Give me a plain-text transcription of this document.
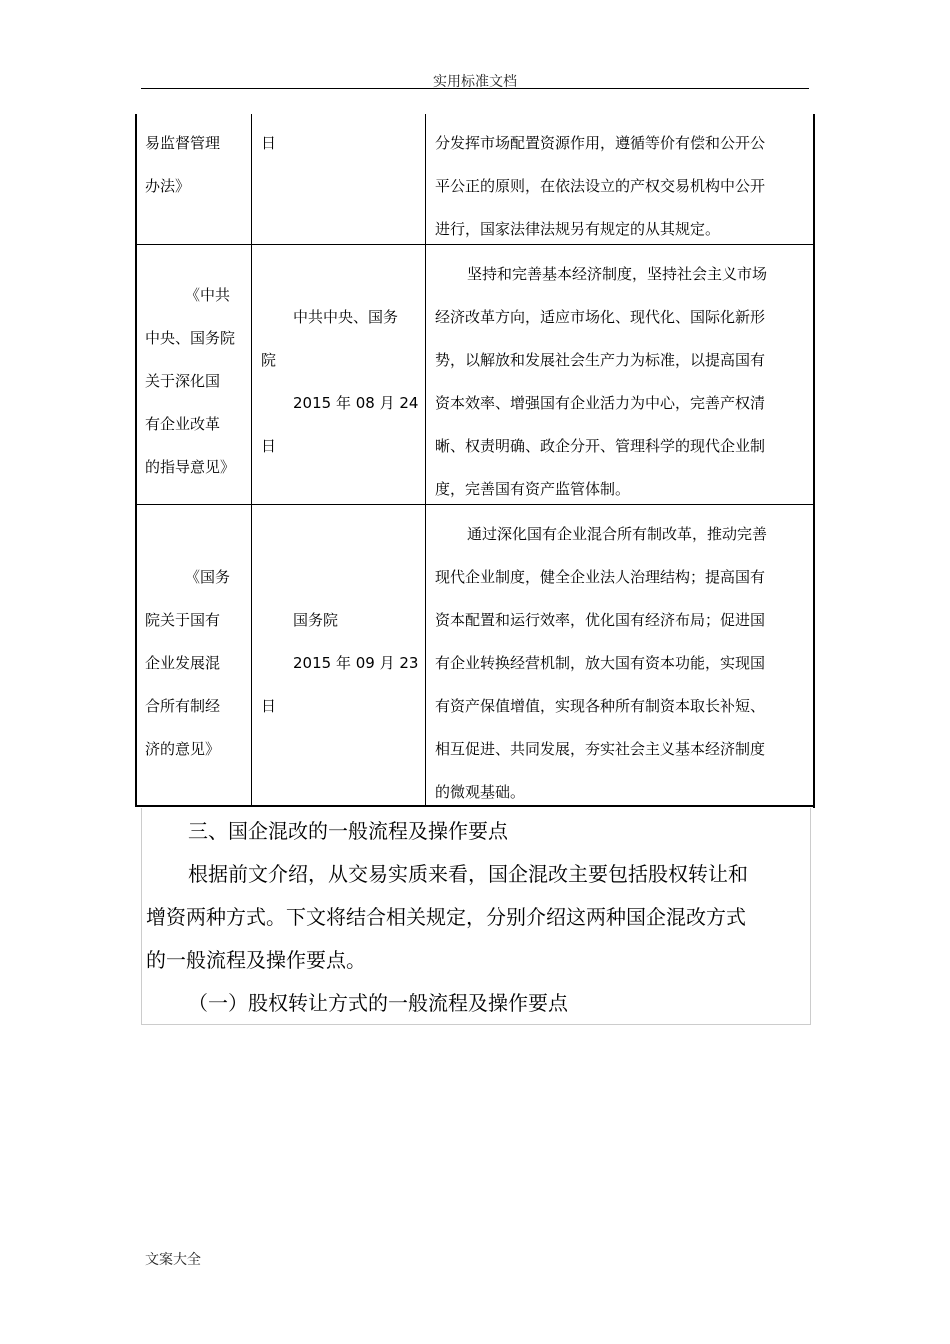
实用标准文档

易监督管理

办法》

日	分发挥市场配置资源作用，遵循等价有偿和公开公

平公正的原则，在依法设立的产权交易机构中公开

进行，国家法律法规另有规定的从其规定。

《中共

中央、国务院

关于深化国

有企业改革

的指导意见》

中共中央、国务

院

2015 年 08 月 24

日

坚持和完善基本经济制度，坚持社会主义市场

经济改革方向，适应市场化、现代化、国际化新形

势，以解放和发展社会生产力为标准，以提高国有

资本效率、增强国有企业活力为中心，完善产权清

晰、权责明确、政企分开、管理科学的现代企业制

度，完善国有资产监管体制。

《国务

院关于国有

企业发展混

合所有制经

济的意见》

国务院

2015 年 09 月 23

日

通过深化国有企业混合所有制改革，推动完善

现代企业制度，健全企业法人治理结构；提高国有

资本配置和运行效率，优化国有经济布局；促进国

有企业转换经营机制，放大国有资本功能，实现国

有资产保值增值，实现各种所有制资本取长补短、

相互促进、共同发展，夯实社会主义基本经济制度

的微观基础。

三、国企混改的一般流程及操作要点
根据前文介绍，从交易实质来看，国企混改主要包括股权转让和
增资两种方式。下文将结合相关规定，分别介绍这两种国企混改方式
的一般流程及操作要点。
（一）股权转让方式的一般流程及操作要点
文案大全
